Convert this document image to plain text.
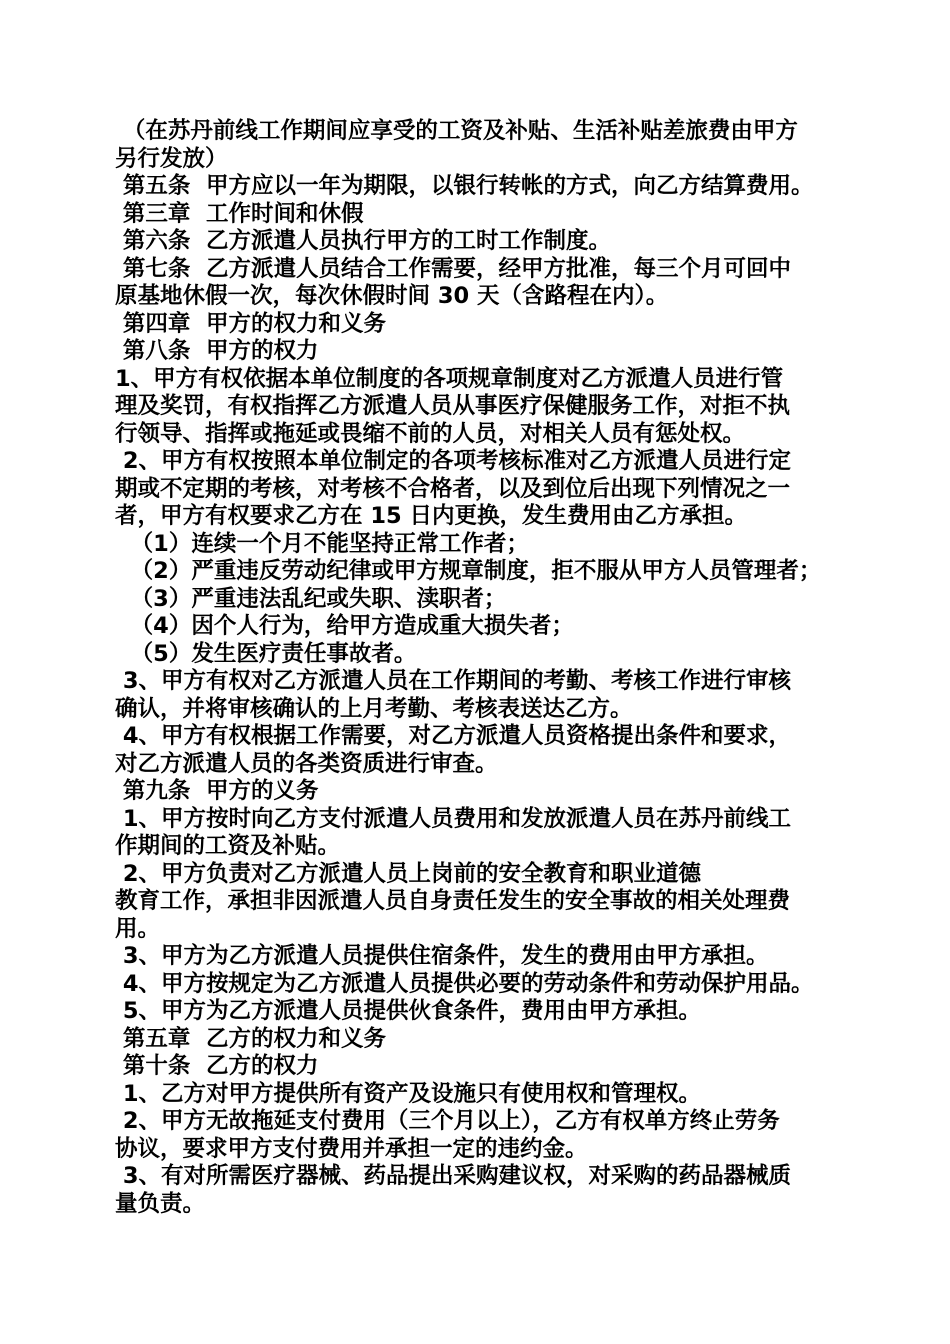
（在苏丹前线工作期间应享受的工资及补贴、生活补贴差旅费由甲方
另行发放）
第五条  甲方应以一年为期限，以银行转帐的方式，向乙方结算费用。
第三章  工作时间和休假
第六条  乙方派遣人员执行甲方的工时工作制度。
第七条  乙方派遣人员结合工作需要，经甲方批准，每三个月可回中
原基地休假一次，每次休假时间 30 天（含路程在内）。
第四章  甲方的权力和义务
第八条  甲方的权力
1、甲方有权依据本单位制度的各项规章制度对乙方派遣人员进行管
理及奖罚，有权指挥乙方派遣人员从事医疗保健服务工作，对拒不执
行领导、指挥或拖延或畏缩不前的人员，对相关人员有惩处权。
2、甲方有权按照本单位制定的各项考核标准对乙方派遣人员进行定
期或不定期的考核，对考核不合格者，以及到位后出现下列情况之一
者，甲方有权要求乙方在 15 日内更换，发生费用由乙方承担。
（1）连续一个月不能坚持正常工作者；
（2）严重违反劳动纪律或甲方规章制度，拒不服从甲方人员管理者；
（3）严重违法乱纪或失职、渎职者；
（4）因个人行为，给甲方造成重大损失者；
（5）发生医疗责任事故者。
3、甲方有权对乙方派遣人员在工作期间的考勤、考核工作进行审核
确认，并将审核确认的上月考勤、考核表送达乙方。
4、甲方有权根据工作需要，对乙方派遣人员资格提出条件和要求，
对乙方派遣人员的各类资质进行审查。
第九条  甲方的义务
1、甲方按时向乙方支付派遣人员费用和发放派遣人员在苏丹前线工
作期间的工资及补贴。
2、甲方负责对乙方派遣人员上岗前的安全教育和职业道德
教育工作，承担非因派遣人员自身责任发生的安全事故的相关处理费
用。
3、甲方为乙方派遣人员提供住宿条件，发生的费用由甲方承担。
4、甲方按规定为乙方派遣人员提供必要的劳动条件和劳动保护用品。
5、甲方为乙方派遣人员提供伙食条件，费用由甲方承担。
第五章  乙方的权力和义务
第十条  乙方的权力
1、乙方对甲方提供所有资产及设施只有使用权和管理权。
2、甲方无故拖延支付费用（三个月以上），乙方有权单方终止劳务
协议，要求甲方支付费用并承担一定的违约金。
3、有对所需医疗器械、药品提出采购建议权，对采购的药品器械质
量负责。
